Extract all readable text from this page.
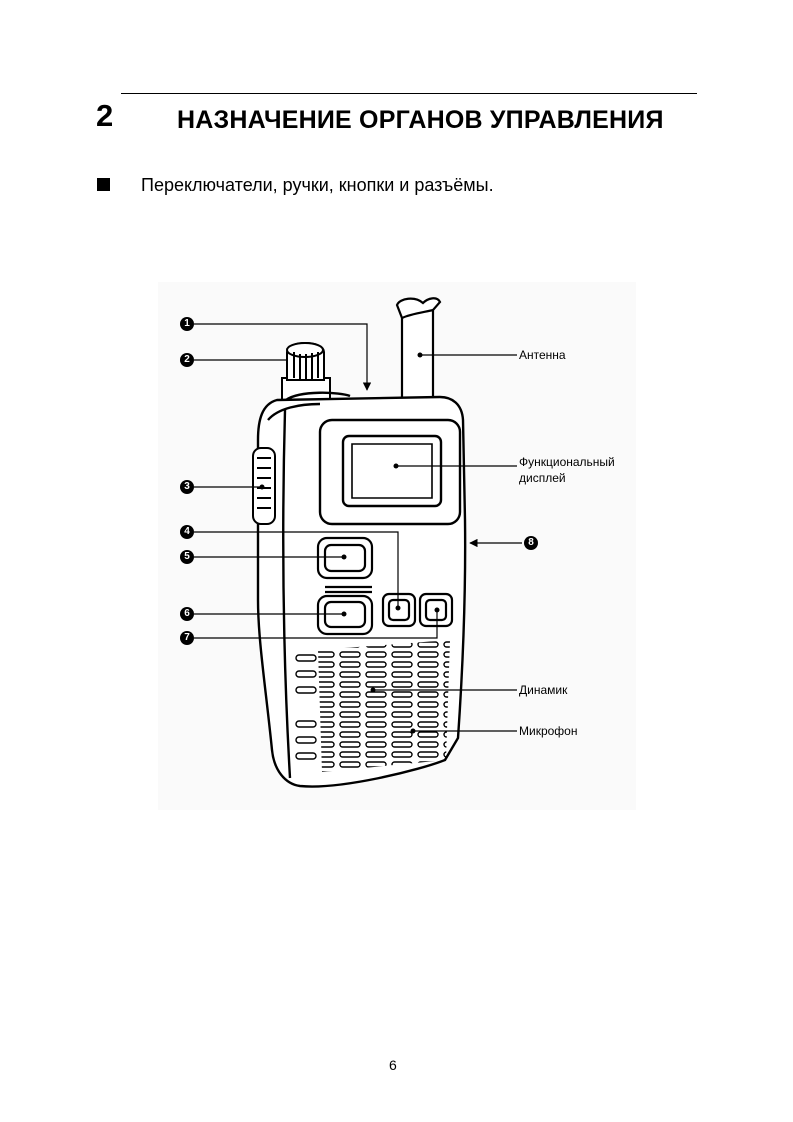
2	НАЗНАЧЕНИЕ ОРГАНОВ УПРАВЛЕНИЯ
Переключатели, ручки, кнопки и разъёмы.
1
2
3
4
5
6
7
8
Антенна
Функциональный
дисплей
Динамик
Микрофон
6
